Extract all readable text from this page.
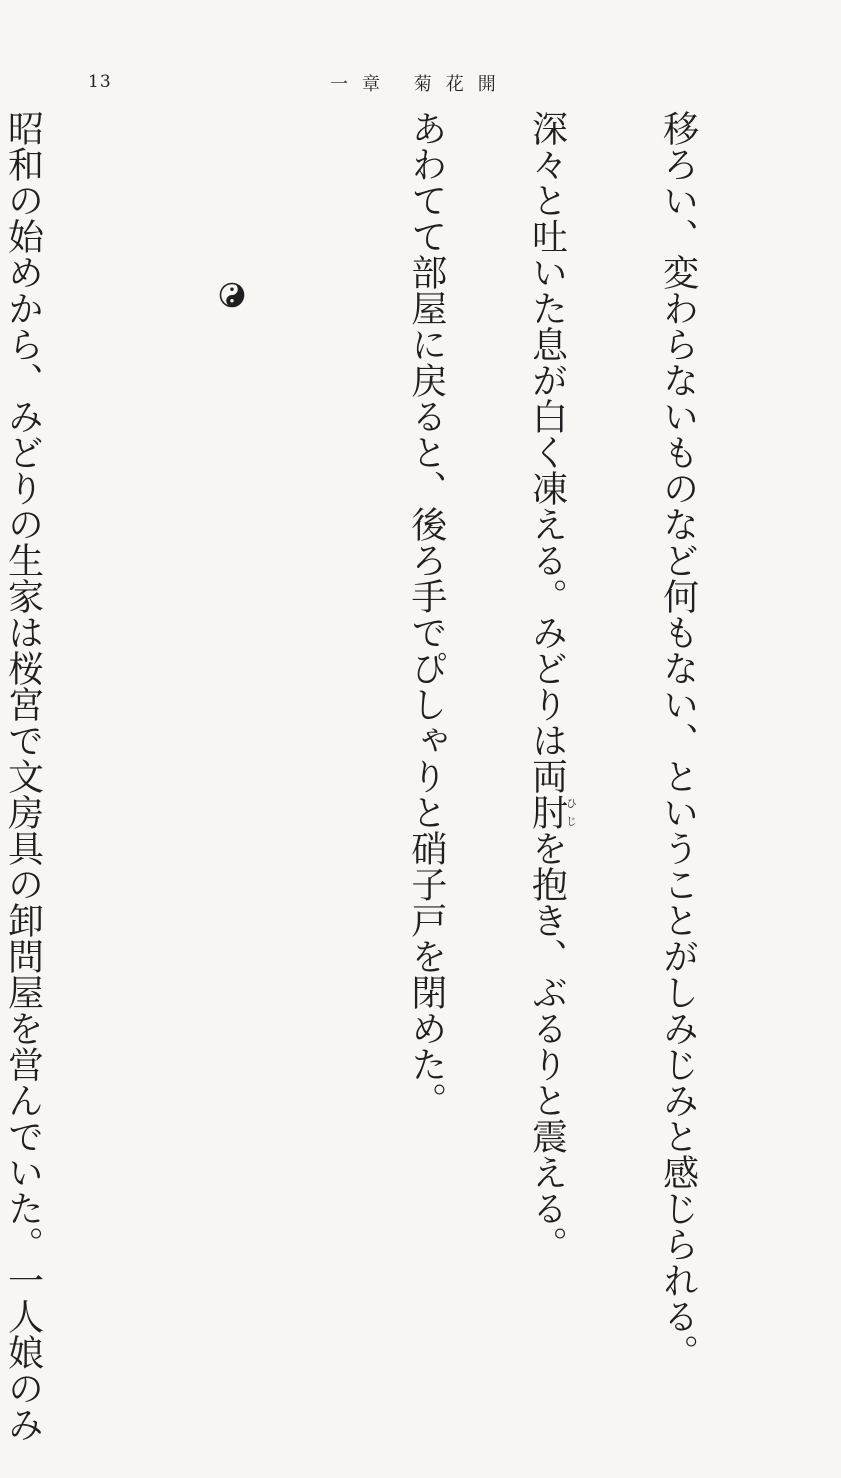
13	一章 菊花開

移ろい、変わらないものなど何もない、ということがしみじみと感じられる。

深々と吐いた息が白く凍える。みどりは両肘ひじを抱き、ぶるりと震える。

あわてて部屋に戻ると、後ろ手でぴしゃりと硝子戸を閉めた。

昭和の始めから、みどりの生家は桜宮で文房具の卸問屋を営んでいた。一人娘のみ
